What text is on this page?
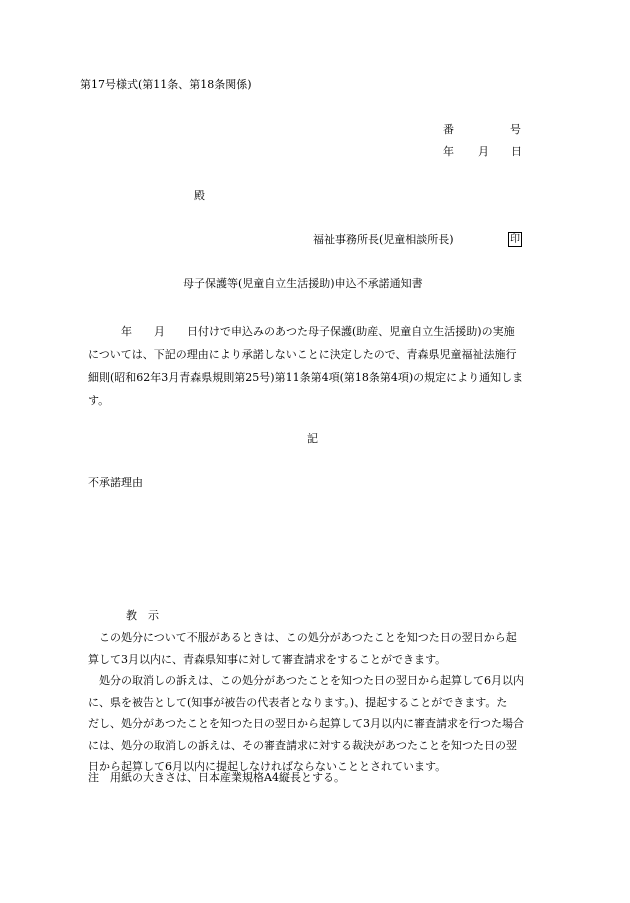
第17号様式(第11条、第18条関係)
番	号
年 月 日
殿
福祉事務所長(児童相談所長)	印
母子保護等(児童自立生活援助)申込不承諾通知書
　　　年　　月　　日付けで申込みのあつた母子保護(助産、児童自立生活援助)の実施
については、下記の理由により承諾しないことに決定したので、青森県児童福祉法施行
細則(昭和62年3月青森県規則第25号)第11条第4項(第18条第4項)の規定により通知しま
す。
記
不承諾理由
教　示
　この処分について不服があるときは、この処分があつたことを知つた日の翌日から起
算して3月以内に、青森県知事に対して審査請求をすることができます。
　処分の取消しの訴えは、この処分があつたことを知つた日の翌日から起算して6月以内
に、県を被告として(知事が被告の代表者となります。)、提起することができます。た
だし、処分があつたことを知つた日の翌日から起算して3月以内に審査請求を行つた場合
には、処分の取消しの訴えは、その審査請求に対する裁決があつたことを知つた日の翌
日から起算して6月以内に提起しなければならないこととされています。
注　用紙の大きさは、日本産業規格A4縦長とする。
